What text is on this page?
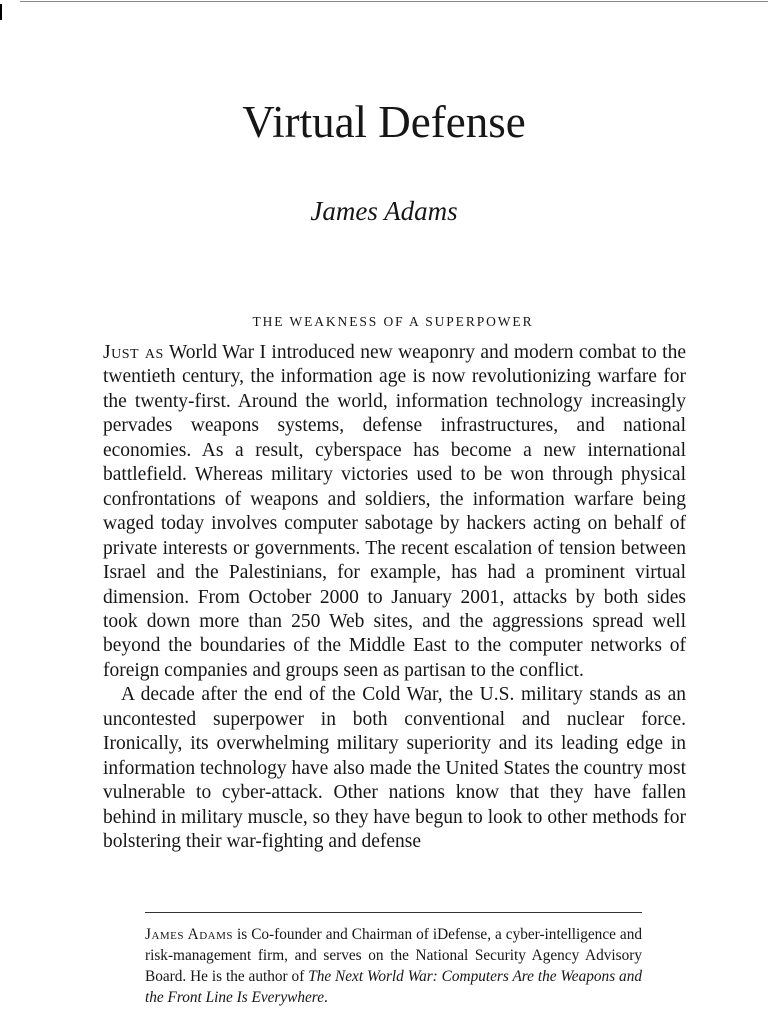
Virtual Defense
James Adams
THE WEAKNESS OF A SUPERPOWER

Just as World War I introduced new weaponry and modern combat to the twentieth century, the information age is now revolutionizing warfare for the twenty-first. Around the world, information technology increasingly pervades weapons systems, defense infrastructures, and national economies. As a result, cyberspace has become a new international battlefield. Whereas military victories used to be won through physical confrontations of weapons and soldiers, the information warfare being waged today involves computer sabotage by hackers acting on behalf of private interests or governments. The recent escalation of tension between Israel and the Palestinians, for example, has had a prominent virtual dimension. From October 2000 to January 2001, attacks by both sides took down more than 250 Web sites, and the aggressions spread well beyond the boundaries of the Middle East to the computer networks of foreign companies and groups seen as partisan to the conflict.

A decade after the end of the Cold War, the U.S. military stands as an uncontested superpower in both conventional and nuclear force. Ironically, its overwhelming military superiority and its leading edge in information technology have also made the United States the country most vulnerable to cyber-attack. Other nations know that they have fallen behind in military muscle, so they have begun to look to other methods for bolstering their war-fighting and defense

James Adams is Co-founder and Chairman of iDefense, a cyber-intelligence and risk-management firm, and serves on the National Security Agency Advisory Board. He is the author of The Next World War: Computers Are the Weapons and the Front Line Is Everywhere.
